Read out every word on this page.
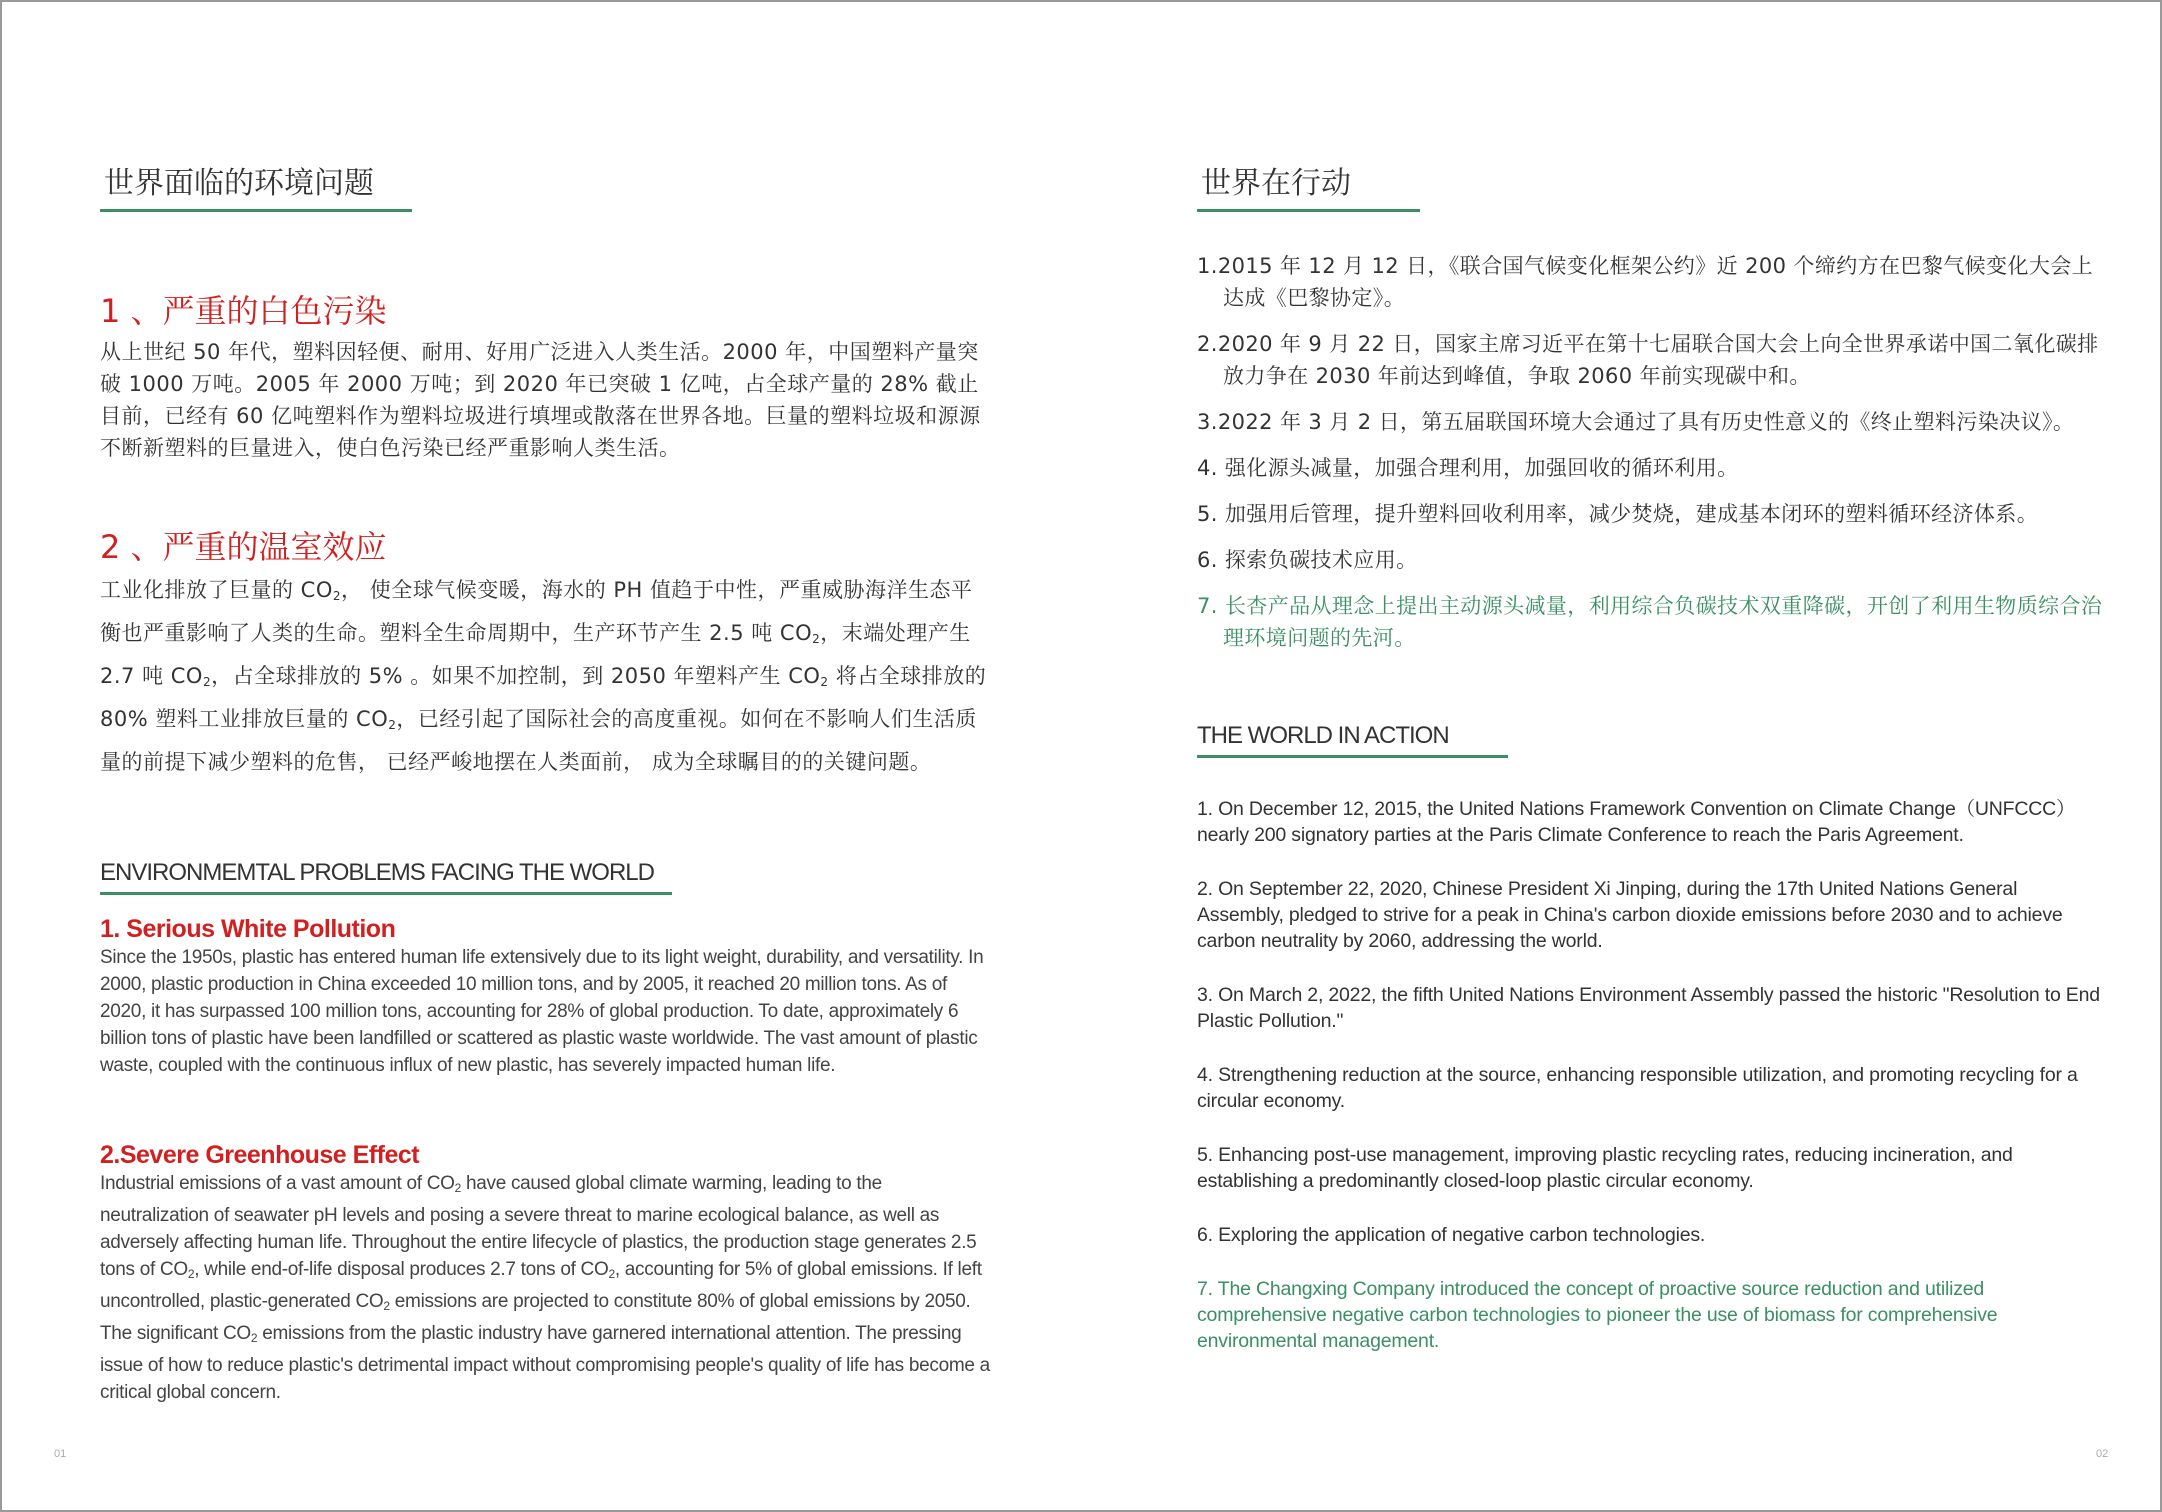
世界面临的环境问题
1 、严重的白色污染
从上世纪 50 年代，塑料因轻便、耐用、好用广泛进入人类生活。2000 年，中国塑料产量突破 1000 万吨。2005 年 2000 万吨；到 2020 年已突破 1 亿吨，占全球产量的 28% 截止目前，已经有 60 亿吨塑料作为塑料垃圾进行填埋或散落在世界各地。巨量的塑料垃圾和源源不断新塑料的巨量进入，使白色污染已经严重影响人类生活。
2 、严重的温室效应
工业化排放了巨量的 $CO_2$， 使全球气候变暖，海水的 PH 值趋于中性，严重威胁海洋生态平衡也严重影响了人类的生命。塑料全生命周期中，生产环节产生 2.5 吨 $CO_2$，末端处理产生 2.7 吨 $CO_2$，占全球排放的 5% 。如果不加控制，到 2050 年塑料产生 $CO_2$ 将占全球排放的 80% 塑料工业排放巨量的 $CO_2$，已经引起了国际社会的高度重视。如何在不影响人们生活质量的前提下减少塑料的危售， 已经严峻地摆在人类面前， 成为全球瞩目的的关键问题。
ENVIRONMEMTAL PROBLEMS FACING THE WORLD
1. Serious White Pollution
Since the 1950s, plastic has entered human life extensively due to its light weight, durability, and versatility. In 2000, plastic production in China exceeded 10 million tons, and by 2005, it reached 20 million tons. As of 2020, it has surpassed 100 million tons, accounting for 28% of global production. To date, approximately 6 billion tons of plastic have been landfilled or scattered as plastic waste worldwide. The vast amount of plastic waste, coupled with the continuous influx of new plastic, has severely impacted human life.
2.Severe Greenhouse Effect
Industrial emissions of a vast amount of $CO_2$ have caused global climate warming, leading to the neutralization of seawater pH levels and posing a severe threat to marine ecological balance, as well as adversely affecting human life. Throughout the entire lifecycle of plastics, the production stage generates 2.5 tons of $CO_2$, while end-of-life disposal produces 2.7 tons of $CO_2$, accounting for 5% of global emissions. If left uncontrolled, plastic-generated $CO_2$ emissions are projected to constitute 80% of global emissions by 2050. The significant $CO_2$ emissions from the plastic industry have garnered international attention. The pressing issue of how to reduce plastic's detrimental impact without compromising people's quality of life has become a critical global concern.
世界在行动
1.2015 年 12 月 12 日，《联合国气候变化框架公约》近 200 个缔约方在巴黎气候变化大会上达成《巴黎协定》。
2.2020 年 9 月 22 日，国家主席习近平在第十七届联合国大会上向全世界承诺中国二氧化碳排放力争在 2030 年前达到峰值，争取 2060 年前实现碳中和。
3.2022 年 3 月 2 日，第五届联国环境大会通过了具有历史性意义的《终止塑料污染决议》。
4. 强化源头减量，加强合理利用，加强回收的循环利用。
5. 加强用后管理，提升塑料回收利用率，减少焚烧，建成基本闭环的塑料循环经济体系。
6. 探索负碳技术应用。
7. 长杏产品从理念上提出主动源头减量，利用综合负碳技术双重降碳，开创了利用生物质综合治理环境问题的先河。
THE WORLD IN ACTION
1. On December 12, 2015, the United Nations Framework Convention on Climate Change（UNFCCC）nearly 200 signatory parties at the Paris Climate Conference to reach the Paris Agreement.
2. On September 22, 2020, Chinese President Xi Jinping, during the 17th United Nations General Assembly, pledged to strive for a peak in China's carbon dioxide emissions before 2030 and to achieve carbon neutrality by 2060, addressing the world.
3. On March 2, 2022, the fifth United Nations Environment Assembly passed the historic "Resolution to End Plastic Pollution."
4. Strengthening reduction at the source, enhancing responsible utilization, and promoting recycling for a circular economy.
5. Enhancing post-use management, improving plastic recycling rates, reducing incineration, and establishing a predominantly closed-loop plastic circular economy.
6. Exploring the application of negative carbon technologies.
7. The Changxing Company introduced the concept of proactive source reduction and utilized comprehensive negative carbon technologies to pioneer the use of biomass for comprehensive environmental management.
01	02
